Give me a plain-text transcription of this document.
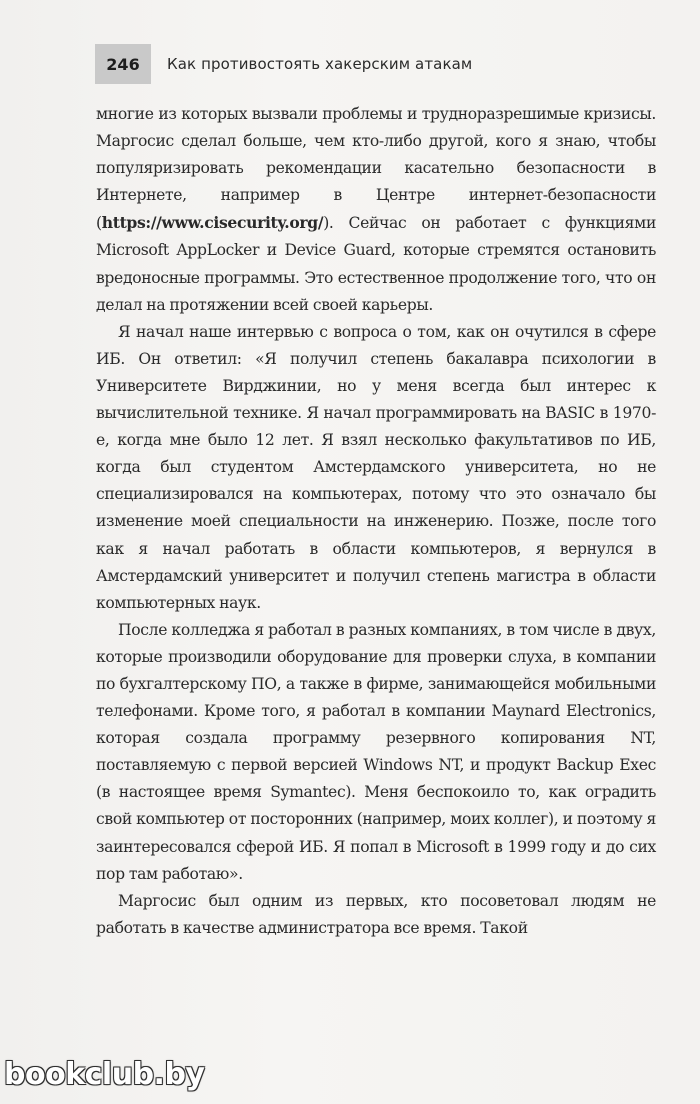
246 Как противостоять хакерским атакам

многие из которых вызвали проблемы и трудноразрешимые кризисы. Маргосис сделал больше, чем кто-либо другой, кого я знаю, чтобы популяризировать рекомендации касательно безопасности в Интернете, например в Центре интернет-безопасности (https://www.cisecurity.org/). Сейчас он работает с функциями Microsoft AppLocker и Device Guard, которые стремятся остановить вредоносные программы. Это естественное продолжение того, что он делал на протяжении всей своей карьеры.

Я начал наше интервью с вопроса о том, как он очутился в сфере ИБ. Он ответил: «Я получил степень бакалавра психологии в Университете Вирджинии, но у меня всегда был интерес к вычислительной технике. Я начал программировать на BASIC в 1970-е, когда мне было 12 лет. Я взял несколько факультативов по ИБ, когда был студентом Амстердамского университета, но не специализировался на компьютерах, потому что это означало бы изменение моей специальности на инженерию. Позже, после того как я начал работать в области компьютеров, я вернулся в Амстердамский университет и получил степень магистра в области компьютерных наук.

После колледжа я работал в разных компаниях, в том числе в двух, которые производили оборудование для проверки слуха, в компании по бухгалтерскому ПО, а также в фирме, занимающейся мобильными телефонами. Кроме того, я работал в компании Maynard Electronics, которая создала программу резервного копирования NT, поставляемую с первой версией Windows NT, и продукт Backup Exec (в настоящее время Symantec). Меня беспокоило то, как оградить свой компьютер от посторонних (например, моих коллег), и поэтому я заинтересовался сферой ИБ. Я попал в Microsoft в 1999 году и до сих пор там работаю».

Маргосис был одним из первых, кто посоветовал людям не работать в качестве администратора все время. Такой

bookclub.by
